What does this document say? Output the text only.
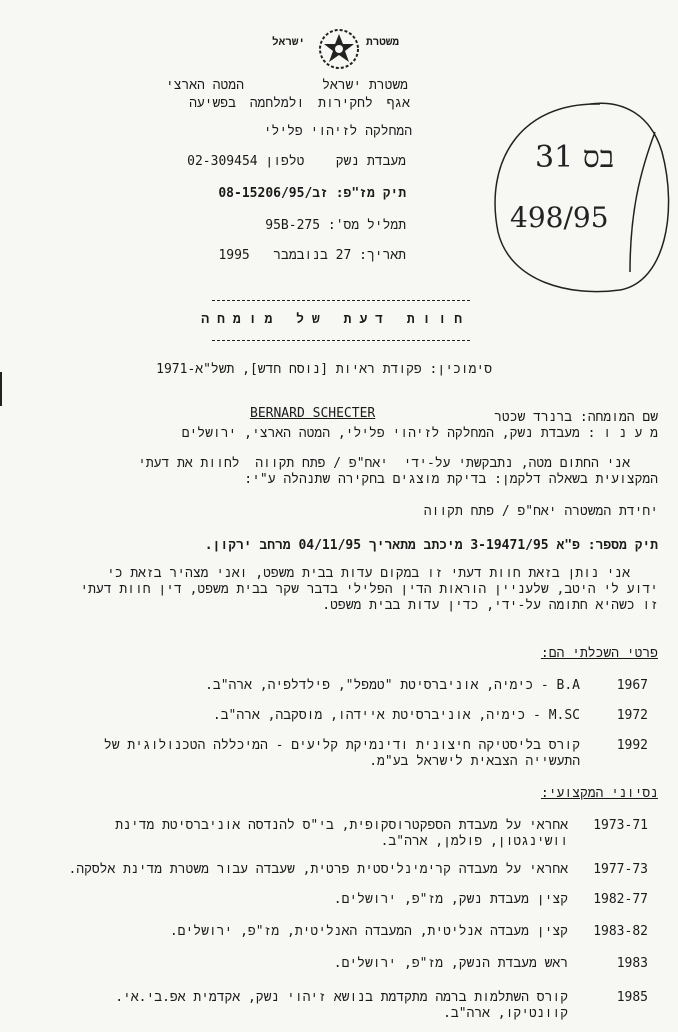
משטרת
ישראל
משטרת ישראל          המטה הארצי
אגף לחקירות ולמלחמה בפשיעה
המחלקה לזיהוי פלילי
מעבדת נשק    טלפון 02-309454
תיק מז"פ: זב/08-15206/95
תמליל מס': 95B-275
תאריך: 27 בנובמבר   1995
31 בס
498/95
חוות דעת של מומחה
סימוכין: פקודת ראיות [נוסח חדש], תשל"א-1971
BERNARD SCHECTER	שם המומחה: ברנרד שכטר
מ ע נ ו : מעבדת נשק, המחלקה לזיהוי פלילי, המטה הארצי, ירושלים
אני החתום מטה, נתבקשתי על-ידי  יאח"פ / פתח תקווה  לחוות את דעתי
המקצועית בשאלה דלקמן: בדיקת מוצגים בחקירה שתנהלה ע"י:
יחידת המשטרה יאח"פ / פתח תקווה
תיק מספר: פ"א 3-19471/95 מיכתב מתאריך 04/11/95 מרחב ירקון.
אני נותן בזאת חוות דעתי זו במקום עדות בבית משפט, ואני מצהיר בזאת כי
ידוע לי היטב, שלעניין הוראות הדין הפלילי בדבר שקר בבית משפט, דין חוות דעתי
זו כשהיא חתומה על-ידי, כדין עדות בבית משפט.
פרטי השכלתי הם:
1967
B.A - כימיה, אוניברסיטת "טמפל", פילדלפיה, ארה"ב.
1972
M.SC - כימיה, אוניברסיטת איידהו, מוסקבה, ארה"ב.
1992
קורס בליסטיקה חיצונית ודינמיקת קליעים - המיכללה הטכנולוגית של
התעשייה הצבאית לישראל בע"מ.
נסיוני המקצועי:
1973-71
אחראי על מעבדת הספקטרוסקופית, בי"ס להנדסה אוניברסיטת מדינת
וושינגטון, פולמן, ארה"ב.
1977-73
אחראי על מעבדה קרימינליסטית פרטית, שעבדה עבור משטרת מדינת אלסקה.
1982-77
קצין מעבדת נשק, מז"פ, ירושלים.
1983-82
קצין מעבדה אנליטית, המעבדה האנליטית, מז"פ, ירושלים.
1983
ראש מעבדת הנשק, מז"פ, ירושלים.
1985
קורס השתלמות ברמה מתקדמת בנושא זיהוי נשק, אקדמית אפ.בי.אי.
קוונטיקו, ארה"ב.
